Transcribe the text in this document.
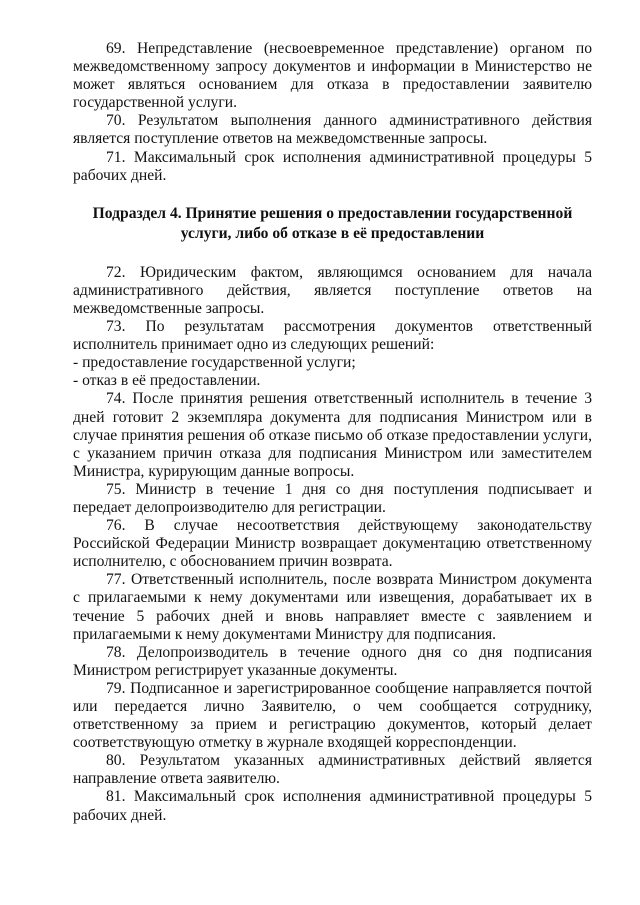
69. Непредставление (несвоевременное представление) органом по межведомственному запросу документов и информации в Министерство не может являться основанием для отказа в предоставлении заявителю государственной услуги.

70. Результатом выполнения данного административного действия является поступление ответов на межведомственные запросы.

71. Максимальный срок исполнения административной процедуры 5 рабочих дней.

Подраздел 4. Принятие решения о предоставлении государственной услуги, либо об отказе в её предоставлении

72. Юридическим фактом, являющимся основанием для начала административного действия, является поступление ответов на межведомственные запросы.

73. По результатам рассмотрения документов ответственный исполнитель принимает одно из следующих решений:

- предоставление государственной услуги;

- отказ в её предоставлении.

74. После принятия решения ответственный исполнитель в течение 3 дней готовит 2 экземпляра документа для подписания Министром или в случае принятия решения об отказе письмо об отказе предоставлении услуги, с указанием причин отказа для подписания Министром или заместителем Министра, курирующим данные вопросы.

75. Министр в течение 1 дня со дня поступления подписывает и передает делопроизводителю для регистрации.

76. В случае несоответствия действующему законодательству Российской Федерации Министр возвращает документацию ответственному исполнителю, с обоснованием причин возврата.

77. Ответственный исполнитель, после возврата Министром документа с прилагаемыми к нему документами или извещения, дорабатывает их в течение 5 рабочих дней и вновь направляет вместе с заявлением и прилагаемыми к нему документами Министру для подписания.

78. Делопроизводитель в течение одного дня со дня подписания Министром регистрирует указанные документы.

79. Подписанное и зарегистрированное сообщение направляется почтой или передается лично Заявителю, о чем сообщается сотруднику, ответственному за прием и регистрацию документов, который делает соответствующую отметку в журнале входящей корреспонденции.

80. Результатом указанных административных действий является направление ответа заявителю.

81. Максимальный срок исполнения административной процедуры 5 рабочих дней.
